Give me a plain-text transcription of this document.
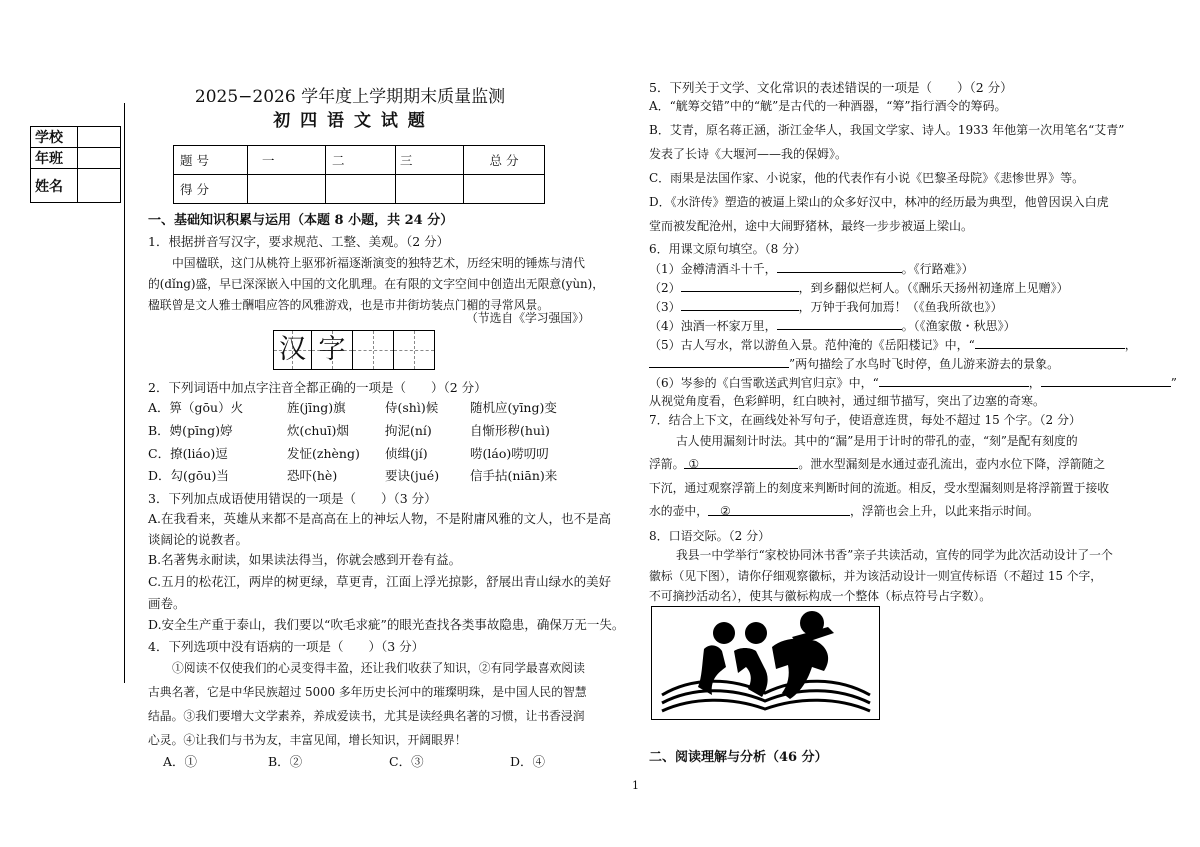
学校	
年班	
姓名	
2025−2026 学年度上学期期末质量监测
初 四 语 文 试 题
题 号	一	二	三	总 分
得 分				
一、基础知识积累与运用（本题 8 小题，共 24 分）
1．根据拼音写汉字，要求规范、工整、美观。（2 分）
中国楹联，这门从桃符上驱邪祈福逐渐演变的独特艺术，历经宋明的锤炼与清代
的(dǐng)盛，早已深深嵌入中国的文化肌理。在有限的文字空间中创造出无限意(yùn)，
楹联曾是文人雅士酬唱应答的风雅游戏，也是市井街坊装点门楣的寻常风景。
（节选自《学习强国》）
汉 字
2．下列词语中加点字注音全都正确的一项是（　　）（2 分）
A．箅（gōu）火	旌(jīng)旗	侍(shì)候	随机应(yīng)变
B．娉(pīng)婷	炊(chuī)烟	拘泥(ní)	自惭形秽(huì)
C．撩(liáo)逗	发怔(zhèng) 侦缉(jí)	唠(láo)唠叨叨
D．勾(gōu)当	恐吓(hè)	要诀(jué) 信手拈(niān)来
3．下列加点成语使用错误的一项是（　　）（3 分）
A.在我看来，英雄从来都不是高高在上的神坛人物，不是附庸风雅的文人，也不是高
谈阔论的说教者。
B.名著隽永耐读，如果读法得当，你就会感到开卷有益。
C.五月的松花江，两岸的树更绿，草更青，江面上浮光掠影，舒展出青山绿水的美好
画卷。
D.安全生产重于泰山，我们要以“吹毛求疵”的眼光查找各类事故隐患，确保万无一失。
4．下列选项中没有语病的一项是（　　）（3 分）
①阅读不仅使我们的心灵变得丰盈，还让我们收获了知识，②有同学最喜欢阅读
古典名著，它是中华民族超过 5000 多年历史长河中的璀璨明珠，是中国人民的智慧
结晶。③我们要增大文学素养，养成爱读书，尤其是读经典名著的习惯，让书香浸润
心灵。④让我们与书为友，丰富见闻，增长知识，开阔眼界！
A．①	B．②	C．③	D．④
1
5．下列关于文学、文化常识的表述错误的一项是（　　）（2 分）
A．“觥筹交错”中的“觥”是古代的一种酒器，“筹”指行酒令的筹码。
B．艾青，原名蒋正涵，浙江金华人，我国文学家、诗人。1933 年他第一次用笔名“艾青”
发表了长诗《大堰河——我的保姆》。
C．雨果是法国作家、小说家，他的代表作有小说《巴黎圣母院》《悲惨世界》等。
D．《水浒传》塑造的被逼上梁山的众多好汉中，林冲的经历最为典型，他曾因误入白虎
堂而被发配沧州，途中大闹野猪林，最终一步步被逼上梁山。
6．用课文原句填空。（8 分）
（1）金樽清酒斗十千，	。《行路难》）
（2）	，到乡翻似烂柯人。（《酬乐天扬州初逢席上见赠》）
（3）	，万钟于我何加焉！（《鱼我所欲也》）
（4）浊酒一杯家万里，	。（《渔家傲・秋思》）
（5）古人写水，常以游鱼入景。范仲淹的《岳阳楼记》中，“	，
”两句描绘了水鸟时飞时停，鱼儿游来游去的景象。
（6）岑参的《白雪歌送武判官归京》中，“	，	”
从视觉角度看，色彩鲜明，红白映衬，通过细节描写，突出了边塞的奇寒。
7．结合上下文，在画线处补写句子，使语意连贯，每处不超过 15 个字。（2 分）
古人使用漏刻计时法。其中的“漏”是用于计时的带孔的壶，“刻”是配有刻度的
浮箭。 ①	。泄水型漏刻是水通过壶孔流出，壶内水位下降，浮箭随之
下沉，通过观察浮箭上的刻度来判断时间的流逝。相反，受水型漏刻则是将浮箭置于接收
水的壶中， ②	，浮箭也会上升，以此来指示时间。
8．口语交际。（2 分）
我县一中学举行“家校协同沐书香”亲子共读活动，宣传的同学为此次活动设计了一个
徽标（见下图），请你仔细观察徽标，并为该活动设计一则宣传标语（不超过 15 个字，
不可摘抄活动名），使其与徽标构成一个整体（标点符号占字数）。
二、阅读理解与分析（46 分）
